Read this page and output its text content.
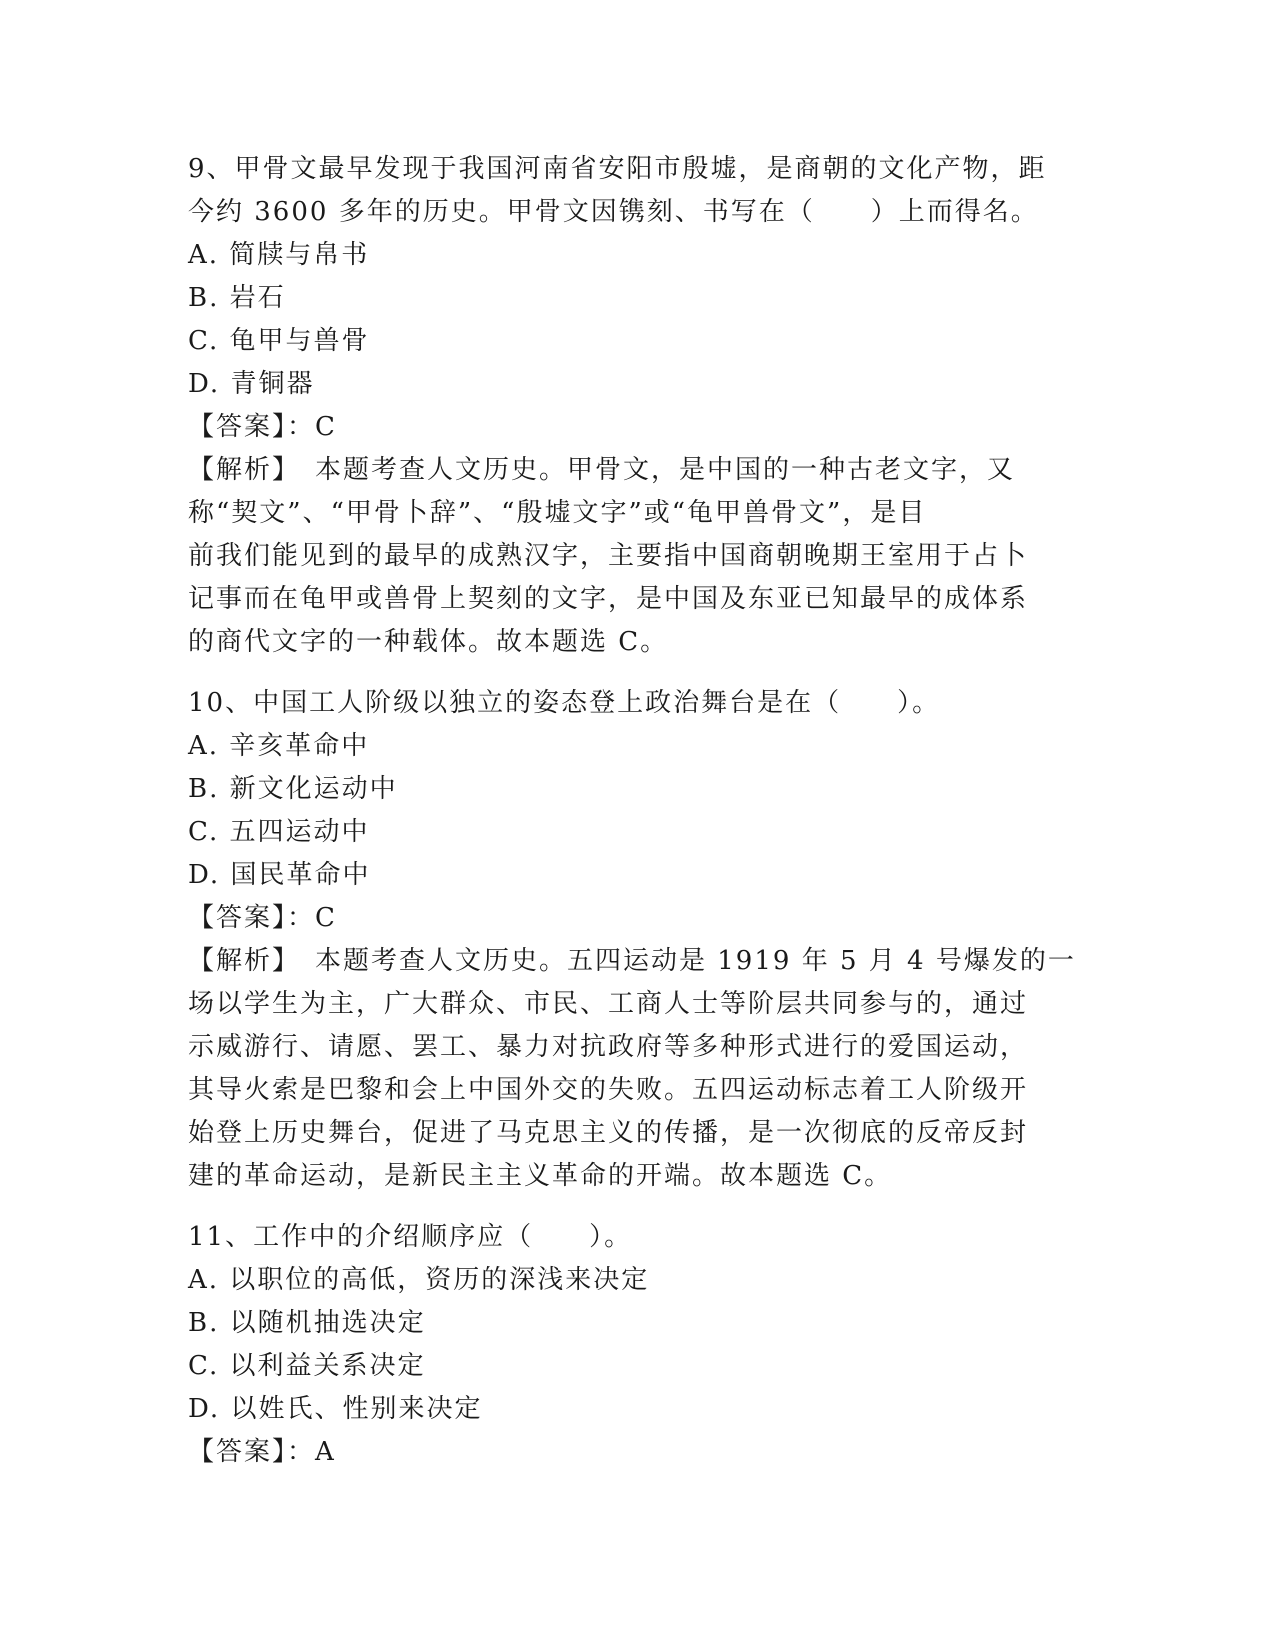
9、甲骨文最早发现于我国河南省安阳市殷墟，是商朝的文化产物，距
今约 3600 多年的历史。甲骨文因镌刻、书写在（　　）上而得名。
A. 简牍与帛书
B. 岩石
C. 龟甲与兽骨
D. 青铜器
【答案】：C
【解析】　本题考查人文历史。甲骨文，是中国的一种古老文字，又
称“契文”、“甲骨卜辞”、“殷墟文字”或“龟甲兽骨文”，是目
前我们能见到的最早的成熟汉字，主要指中国商朝晚期王室用于占卜
记事而在龟甲或兽骨上契刻的文字，是中国及东亚已知最早的成体系
的商代文字的一种载体。故本题选 C。
10、中国工人阶级以独立的姿态登上政治舞台是在（　　）。
A. 辛亥革命中
B. 新文化运动中
C. 五四运动中
D. 国民革命中
【答案】：C
【解析】　本题考查人文历史。五四运动是 1919 年 5 月 4 号爆发的一
场以学生为主，广大群众、市民、工商人士等阶层共同参与的，通过
示威游行、请愿、罢工、暴力对抗政府等多种形式进行的爱国运动，
其导火索是巴黎和会上中国外交的失败。五四运动标志着工人阶级开
始登上历史舞台，促进了马克思主义的传播，是一次彻底的反帝反封
建的革命运动，是新民主主义革命的开端。故本题选 C。
11、工作中的介绍顺序应（　　）。
A. 以职位的高低，资历的深浅来决定
B. 以随机抽选决定
C. 以利益关系决定
D. 以姓氏、性别来决定
【答案】：A
